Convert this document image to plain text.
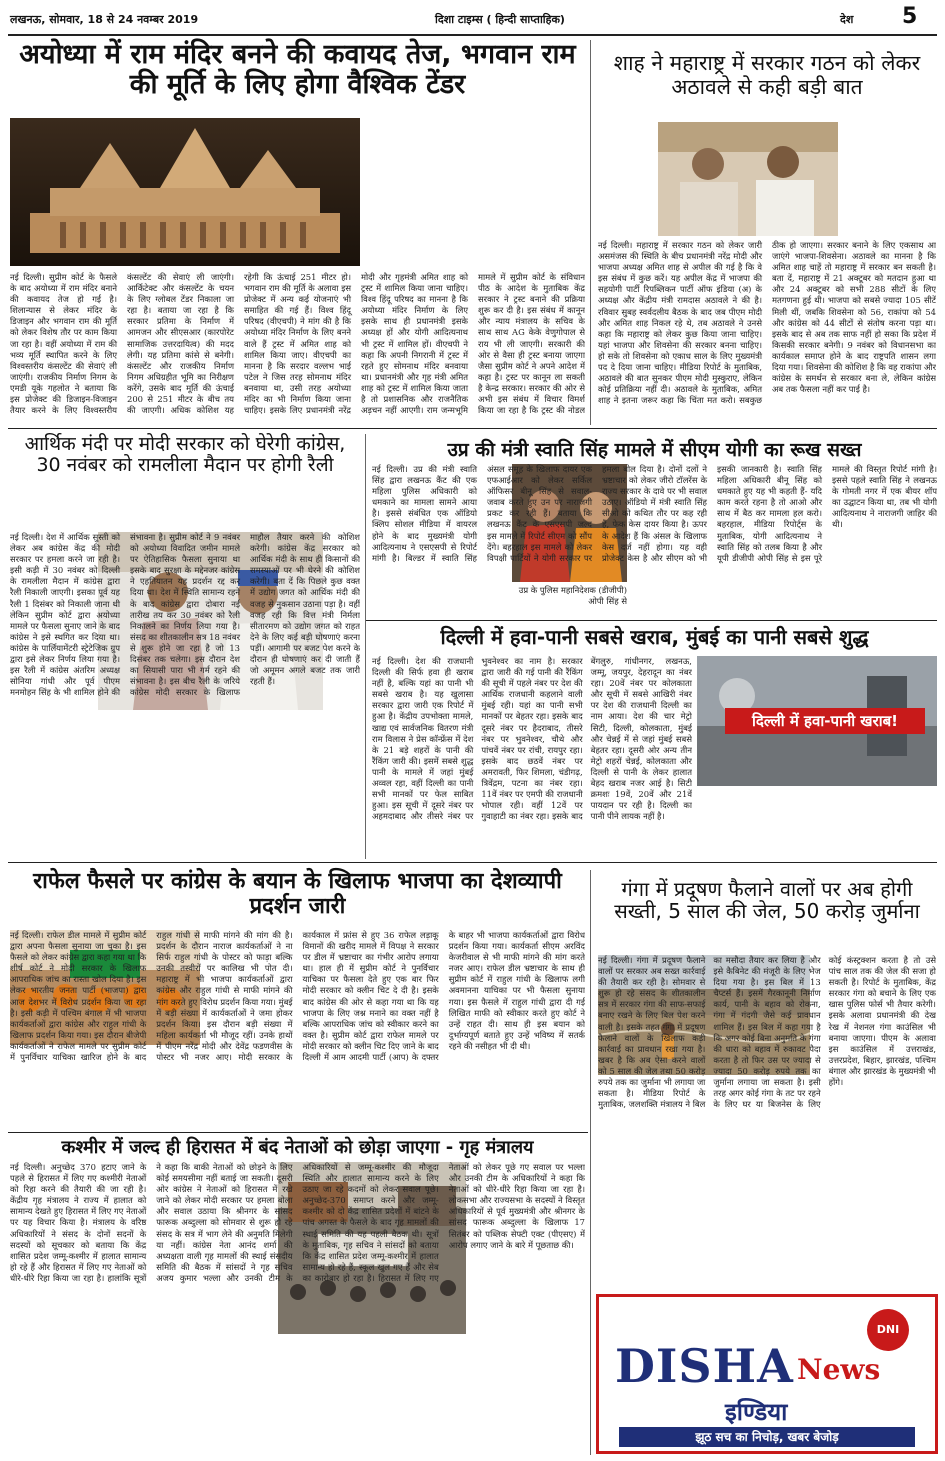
लखनऊ, सोमवार, 18 से 24 नवम्बर 2019	दिशा टाइम्स ( हिन्दी साप्ताहिक)	देश 5
अयोध्या में राम मंदिर बनने की कवायद तेज, भगवान राम की मूर्ति के लिए होगा वैश्विक टेंडर
नई दिल्ली। सुप्रीम कोर्ट के फैसले के बाद अयोध्या में राम मंदिर बनाने की कवायद तेज हो गई है। शिलान्यास से लेकर मंदिर के डिजाइन और भगवान राम की मूर्ति को लेकर विशेष तौर पर काम किया जा रहा है। वहीं अयोध्या में राम की भव्य मूर्ति स्थापित करने के लिए विश्वस्तरीय कंसल्टेंट की सेवाएं ली जाएंगी। राजकीय निर्माण निगम के एमडी यूके गहलोत ने बताया कि इस प्रोजेक्ट की डिजाइन-विजाइन तैयार करने के लिए विश्वस्तरीय कंसल्टेंट की सेवाएं ली जाएंगी। आर्किटेक्ट और कंसल्टेंट के चयन के लिए ग्लोबल टेंडर निकाला जा रहा है। बताया जा रहा है कि सरकार प्रतिमा के निर्माण में आमजन और सीएसआर (कारपोरेट सामाजिक उत्तरदायित्व) की मदद लेगी। यह प्रतिमा कांसे से बनेगी। कंसल्टेंट और राजकीय निर्माण निगम अधिग्रहीत भूमि का निरीक्षण करेंगे, उसके बाद मूर्ति की ऊंचाई 200 से 251 मीटर के बीच तय की जाएगी। अधिक कोशिश यह रहेगी कि ऊंचाई 251 मीटर हो। भगवान राम की मूर्ति के अलावा इस प्रोजेक्ट में अन्य कई योजनाएं भी समाहित की गई हैं। विश्व हिंदू परिषद (वीएचपी) ने मांग की है कि अयोध्या मंदिर निर्माण के लिए बनने वाले हैं ट्रस्ट में अमित शाह को शामिल किया जाए। वीएचपी का मानना है कि सरदार वल्लभ भाई पटेल ने जिस तरह सोमनाथ मंदिर बनवाया था, उसी तरह अयोध्या मंदिर का भी निर्माण किया जाना चाहिए। इसके लिए प्रधानमंत्री नरेंद्र मोदी और गृहमंत्री अमित शाह को ट्रस्ट में शामिल किया जाना चाहिए। विश्व हिंदू परिषद का मानना है कि अयोध्या मंदिर निर्माण के लिए इसके साथ ही प्रधानमंत्री इसके अध्यक्ष हों और योगी आदित्यनाथ भी ट्रस्ट में शामिल हों। वीएचपी ने कहा कि अपनी निगरानी में ट्रस्ट में रहते हुए सोमनाथ मंदिर बनवाया था। प्रधानमंत्री और गृह मंत्री अमित शाह को ट्रस्ट में शामिल किया जाता है तो प्रशासनिक और राजनैतिक अड़चन नहीं आएगी। राम जन्मभूमि मामले में सुप्रीम कोर्ट के संविधान पीठ के आदेश के मुताबिक केंद्र सरकार ने ट्रस्ट बनाने की प्रक्रिया शुरू कर दी है। इस संबंध में कानून और न्याय मंत्रालय के सचिव के साथ साथ AG केके वेणुगोपाल से राय भी ली जाएगी। सरकारी की ओर से वैसा ही ट्रस्ट बनाया जाएगा जैसा सुप्रीम कोर्ट ने अपने आदेश में कहा है। ट्रस्ट पर कानून ला सकती है केन्द्र सरकार। सरकार की ओर से अभी इस संबंध में विचार विमर्श किया जा रहा है कि ट्रस्ट की नोडल
शाह ने महाराष्ट्र में सरकार गठन को लेकर अठावले से कही बड़ी बात
नई दिल्ली। महाराष्ट्र में सरकार गठन को लेकर जारी असमंजस की स्थिति के बीच प्रधानमंत्री नरेंद्र मोदी और भाजपा अध्यक्ष अमित शाह से अपील की गई है कि वे इस संबंध में कुछ करें। यह अपील केंद्र में भाजपा की सहयोगी पार्टी रिपब्लिकन पार्टी ऑफ इंडिया (अ) के अध्यक्ष और केंद्रीय मंत्री रामदास अठावले ने की है। रविवार सुबह स्वर्वदलीय बैठक के बाद जब पीएम मोदी और अमित शाह निकल रहे थे, तब अठावले ने उनसे कहा कि महाराष्ट्र को लेकर कुछ किया जाना चाहिए। यहां भाजपा और शिवसेना की सरकार बनना चाहिए। हो सके तो शिवसेना को एकाध साल के लिए मुख्यमंत्री पद दे दिया जाना चाहिए। मीडिया रिपोर्ट के मुताबिक, अठावले की बात सुनकर पीएम मोदी मुस्कुराए, लेकिन कोई प्रतिक्रिया नहीं दी। अठावले के मुताबिक, अमित शाह ने इतना जरूर कहा कि चिंता मत करो। सबकुछ ठीक हो जाएगा। सरकार बनाने के लिए एकसाथ आ जाएंगे भाजपा-शिवसेना। अठावले का मानना है कि अमित शाह चाहें तो महाराष्ट्र में सरकार बन सकती है। बता दें, महाराष्ट्र में 21 अक्टूबर को मतदान हुआ था और 24 अक्टूबर को सभी 288 सीटों के लिए मतगणना हुई थी। भाजपा को सबसे ज्यादा 105 सीटें मिली थीं, जबकि शिवसेना को 56, राकांपा को 54 और कांग्रेस को 44 सीटों से संतोष करना पड़ा था। इसके बाद से अब तक साफ नहीं हो सका कि प्रदेश में किसकी सरकार बनेगी। 9 नवंबर को विधानसभा का कार्यकाल समाप्त होने के बाद राष्ट्रपति शासन लगा दिया गया। शिवसेना की कोशिश है कि वह राकांपा और कांग्रेस के समर्थन से सरकार बना ले, लेकिन कांग्रेस अब तक फैसला नहीं कर पाई है।
आर्थिक मंदी पर मोदी सरकार को घेरेगी कांग्रेस, 30 नवंबर को रामलीला मैदान पर होगी रैली
नई दिल्ली। देश में आर्थिक सुस्ती को लेकर अब कांग्रेस केंद्र की मोदी सरकार पर हमला करने जा रही है। इसी कड़ी में 30 नवंबर को दिल्ली के रामलीला मैदान में कांग्रेस द्वारा रैली निकाली जाएगी। इसका पूर्व यह रैली 1 दिसंबर को निकाली जाना थी लेकिन सुप्रीम कोर्ट द्वारा अयोध्या मामले पर फैसला सुनाए जाने के बाद कांग्रेस ने इसे स्थगित कर दिया था। कांग्रेस के पार्लियामेंटरी स्ट्रेटेजिक ग्रुप द्वारा इसे लेकर निर्णय लिया गया है। इस रैली में कांग्रेस अंतरिम अध्यक्ष सोनिया गांधी और पूर्व पीएम मनमोहन सिंह के भी शामिल होने की संभावना है। सुप्रीम कोर्ट ने 9 नवंबर को अयोध्या विवादित जमीन मामले पर ऐतिहासिक फैसला सुनाया था इसके बाद सुरक्षा के मद्देनजर कांग्रेस ने एहतियातन यह प्रदर्शन रद्द कर दिया था। देश में स्थिति सामान्य रहने के बाद कांग्रेस द्वारा दोबारा नई तारीख तय कर 30 नवंबर को रैली निकालने का निर्णय लिया गया है। संसद का शीतकालीन सत्र 18 नवंबर से शुरू होने जा रहा है जो 13 दिसंबर तक चलेगा। इस दौरान देश का सियासी पारा भी गर्म रहने की संभावना है। इस बीच रैली के जरिये कांग्रेस मोदी सरकार के खिलाफ माहौल तैयार करने की कोशिश करेगी। कांग्रेस केंद्र सरकार को आर्थिक मंदी के साथ ही किसानों की समस्याओं पर भी घेरने की कोशिश करेगी। बता दें कि पिछले कुछ वक्त में उद्योग जगत को आर्थिक मंदी की वजह से नुकसान उठाना पड़ा है। वहीं वजह रही कि वित्त मंत्री निर्मला सीतारमण को उद्योग जगत को राहत देने के लिए कई बड़ी घोषणाएं करना पड़ीं। आगामी पर बजट पेश करने के दौरान ही घोषणाएं कर दी जाती हैं जो अमूमन अगले बजट तक जारी रहती हैं।
उप्र की मंत्री स्वाति सिंह मामले में सीएम योगी का रूख सख्त
उप्र के पुलिस महानिदेशक (डीजीपी) ओपी सिंह से
नई दिल्ली। उप्र की मंत्री स्वाति सिंह द्वारा लखनऊ कैंट की एक महिला पुलिस अधिकारी को धमकाने का मामला सामने आया है। इससे संबंधित एक ऑडियो क्लिप सोशल मीडिया में वायरल होने के बाद मुख्यमंत्री योगी आदित्यनाथ ने एसएसपी से रिपोर्ट मांगी है। बिल्डर में स्वाति सिंह अंसल समूह के खिलाफ दायर एक एफआईआर को लेकर सर्किल ऑफिसर बीनू सिंह से सवाल-जवाब करते हुए उन पर नाराजगी प्रकट कर रही हैं। बताया कि लखनऊ कैंट के एसएसपी जल्द इस मामले में रिपोर्ट सीएम को सौंप देंगे। बहरहाल इस मामले को लेकर विपक्षी पार्टियों ने योगी सरकार पर हमला बोल दिया है। दोनों दलों ने भ्रष्टाचार को लेकर जीरो टॉलरेंस के राज्य सरकार के दावे पर भी सवाल उठाए। ऑडियो में मंत्री स्वाति सिंह सीओ को कथित तौर पर कह रही हैं, फेक केस दायर किया है। ऊपर के आदेश हैं कि अंसल के खिलाफ केस दर्ज नहीं होगा। यह वही प्रोजेक्ट केस है और सीएम को भी इसकी जानकारी है। स्वाति सिंह महिला अधिकारी बीनू सिंह को धमकाते हुए यह भी कहती हैं- यदि काम करते रहना है तो आओ और साथ में बैठ कर मामला हल करो। बहरहाल, मीडिया रिपोर्ट्स के मुताबिक, योगी आदित्यनाथ ने स्वाति सिंह को तलब किया है और यूपी डीजीपी ओपी सिंह से इस पूरे मामले की विस्तृत रिपोर्ट मांगी है। इससे पहले स्वाति सिंह ने लखनऊ के गोमती नगर में एक बीयर शॉप का उद्घाटन किया था, तब भी योगी आदित्यनाथ ने नाराजगी जाहिर की थी।
दिल्ली में हवा-पानी सबसे खराब, मुंबई का पानी सबसे शुद्ध
दिल्ली में हवा-पानी खराब!
नई दिल्ली। देश की राजधानी दिल्ली की सिर्फ हवा ही खराब नहीं है, बल्कि यहां का पानी भी सबसे खराब है। यह खुलासा सरकार द्वारा जारी एक रिपोर्ट में हुआ है। केंद्रीय उपभोक्ता मामले, खाद्य एवं सार्वजनिक वितरण मंत्री राम विलास ने प्रेस कॉन्फ्रेंस में देश के 21 बड़े शहरों के पानी की रैंकिंग जारी की। इसमें सबसे शुद्ध पानी के मामले में जहां मुंबई अव्वल रहा, वहीं दिल्ली का पानी सभी मानकों पर फेल साबित हुआ। इस सूची में दूसरे नंबर पर अहमदाबाद और तीसरे नंबर पर भुवनेश्वर का नाम है। सरकार द्वारा जारी की गई पानी की रैंकिंग की सूची में पहले नंबर पर देश की आर्थिक राजधानी कहलाने वाली मुंबई रही। यहां का पानी सभी मानकों पर बेहतर रहा। इसके बाद दूसरे नंबर पर हैदराबाद, तीसरे नंबर पर भुवनेश्वर, चौथे और पांचवें नंबर पर रांची, रायपुर रहा। इसके बाद छठवें नंबर पर अमरावती, फिर शिमला, चंडीगढ़, त्रिवेंद्रम, पटना का नंबर रहा। 11वें नंबर पर एमपी की राजधानी भोपाल रही। वहीं 12वें पर गुवाहाटी का नंबर रहा। इसके बाद बेंगलुरु, गांधीनगर, लखनऊ, जम्मू, जयपुर, देहरादून का नंबर रहा। 20वें नंबर पर कोलकाता और सूची में सबसे आखिरी नंबर पर देश की राजधानी दिल्ली का नाम आया। देश की चार मेट्रो सिटी, दिल्ली, कोलकाता, मुंबई और चेन्नई में से जहां मुंबई सबसे बेहतर रहा। दूसरी ओर अन्य तीन मेट्रो शहरों चेन्नई, कोलकाता और दिल्ली से पानी के लेकर हालात बेहद खराब नजर आई है। सिटी क्रमशः 19वें, 20वें और 21वें पायदान पर रही है। दिल्ली का पानी पीने लायक नहीं है।
राफेल फैसले पर कांग्रेस के बयान के खिलाफ भाजपा का देशव्यापी प्रदर्शन जारी
नई दिल्ली। राफेल डील मामले में सुप्रीम कोर्ट द्वारा अपना फैसला सुनाया जा चुका है। इस फैसले को लेकर कांग्रेस द्वारा कहा गया था कि शीर्ष कोर्ट ने मोदी सरकार के खिलाफ आपराधिक जांच का रास्ता खोल दिया है। इस लेकर भारतीय जनता पार्टी (भाजपा) द्वारा आज देशभर में विरोध प्रदर्शन किया जा रहा है। इसी कड़ी में पश्चिम बंगाल में भी भाजपा कार्यकर्ताओं द्वारा कांग्रेस और राहुल गांधी के खिलाफ प्रदर्शन किया गया। इस दौरान बीजेपी कार्यकर्ताओं ने राफेल मामले पर सुप्रीम कोर्ट में पुनर्विचार याचिका खारिज होने के बाद राहुल गांधी से माफी मांगने की मांग की है। प्रदर्शन के दौरान नाराज कार्यकर्ताओं ने ना सिर्फ राहुल गांधी के पोस्टर को फाड़ा बल्कि उनकी तस्वीरों पर कालिख भी पोत दी। महाराष्ट्र में भी भाजपा कार्यकर्ताओं द्वारा कांग्रेस और राहुल गांधी से माफी मांगने की मांग करते हुए विरोध प्रदर्शन किया गया। मुंबई में बड़ी संख्या में कार्यकर्ताओं ने जमा होकर प्रदर्शन किया। इस दौरान बड़ी संख्या में महिला कार्यकर्ता भी मौजूद रहीं। उनके हाथों में पीएम नरेंद्र मोदी और देवेंद्र फडणवीस के पोस्टर भी नजर आए। मोदी सरकार के कार्यकाल में फ्रांस से हुए 36 राफेल लड़ाकू विमानों की खरीद मामले में विपक्ष ने सरकार पर डील में भ्रष्टाचार का गंभीर आरोप लगाया था। हाल ही में सुप्रीम कोर्ट ने पुनर्विचार याचिका पर फैसला देते हुए एक बार फिर मोदी सरकार को क्लीन चिट दे दी है। इसके बाद कांग्रेस की ओर से कहा गया था कि यह भाजपा के लिए जश्न मनाने का वक्त नहीं है बल्कि आपराधिक जांच को स्वीकार करने का वक्त है। सुप्रीम कोर्ट द्वारा राफेल मामले पर मोदी सरकार को क्लीन चिट दिए जाने के बाद दिल्ली में आम आदमी पार्टी (आप) के दफ्तर के बाहर भी भाजपा कार्यकर्ताओं द्वारा विरोध प्रदर्शन किया गया। कार्यकर्ता सीएम अरविंद केजरीवाल से भी माफी मांगने की मांग करते नजर आए। राफेल डील भ्रष्टाचार के साथ ही सुप्रीम कोर्ट में राहुल गांधी के खिलाफ लगी अवमानना याचिका पर भी फैसला सुनाया गया। इस फैसले में राहुल गांधी द्वारा दी गई लिखित माफी को स्वीकार करते हुए कोर्ट ने उन्हें राहत दी। साथ ही इस बयान को दुर्भाग्यपूर्ण बताते हुए उन्हें भविष्य में सतर्क रहने की नसीहत भी दी थी।
गंगा में प्रदूषण फैलाने वालों पर अब होगी सख्ती, 5 साल की जेल, 50 करोड़ जुर्माना
नई दिल्ली। गंगा में प्रदूषण फैलाने वालों पर सरकार अब सख्त कार्रवाई की तैयारी कर रही है। सोमवार से शुरू हो रहे संसद के शीतकालीन सत्र में सरकार गंगा की साफ-सफाई बनाए रखने के लिए बिल पेश करने वाली है। इसके तहत गंगा में प्रदूषण फैलाने वालों के खिलाफ कड़ी कार्रवाई का प्रावधान रखा गया है। खबर है कि अब ऐसा करने वालों को 5 साल की जेल तथा 50 करोड़ रुपये तक का जुर्माना भी लगाया जा सकता है। मीडिया रिपोर्ट के मुताबिक, जलशक्ति मंत्रालय ने बिल का मसौदा तैयार कर लिया है और इसे कैबिनेट की मंजूरी के लिए भेज दिया गया है। इस बिल में 13 चैप्टर्स हैं। इसमें गैरकानूनी निर्माण कार्य, पानी के बहाव को रोकना, गंगा में गंदगी जैसे कई प्रावधान शामिल हैं। इस बिल में कहा गया है कि अगर कोई बिना अनुमति के गंगा की धारा को बहाव में रुकावट पैदा करता है तो फिर उस पर ज्यादा से ज्यादा 50 करोड़ रुपये तक का जुर्माना लगाया जा सकता है। इसी तरह अगर कोई गंगा के तट पर रहने के लिए घर या बिजनेस के लिए कोई कंस्ट्रक्शन करता है तो उसे पांच साल तक की जेल की सजा हो सकती है। रिपोर्ट के मुताबिक, केंद्र सरकार गंगा को बचाने के लिए एक खास पुलिस फोर्स भी तैयार करेगी। इसके अलावा प्रधानमंत्री की देख रेख में नेशनल गंगा काउंसिल भी बनाया जाएगा। पीएम के अलावा इस काउंसिल में उत्तराखंड, उत्तरप्रदेश, बिहार, झारखंड, पश्चिम बंगाल और झारखंड के मुख्यमंत्री भी होंगे।
कश्मीर में जल्द ही हिरासत में बंद नेताओं को छोड़ा जाएगा - गृह मंत्रालय
नई दिल्ली। अनुच्छेद 370 हटाए जाने के पहले से हिरासत में लिए गए कश्मीरी नेताओं को रिहा करने की तैयारी की जा रही है। केंद्रीय गृह मंत्रालय ने राज्य में हालात को सामान्य देखते हुए हिरासत में लिए गए नेताओं पर यह विचार किया है। मंत्रालय के वरिष्ठ अधिकारियों ने संसद के दोनों सदनों के सदस्यों को सूचकार को बताया कि केंद्र शासित प्रदेश जम्मू-कश्मीर में हालात सामान्य हो रहे हैं और हिरासत में लिए गए नेताओं को धीरे-धीरे रिहा किया जा रहा है। हालांकि सूत्रों ने कहा कि बाकी नेताओं को छोड़ने के लिए कोई समयसीमा नहीं बताई जा सकती। दूसरी ओर कांग्रेस ने नेताओं को हिरासत में रखे जाने को लेकर मोदी सरकार पर हमला बोला और सवाल उठाया कि श्रीनगर के सांसद फारूक अब्दुल्ला को सोमवार से शुरू हो रहे संसद के सत्र में भाग लेने की अनुमति मिलेगी या नहीं। कांग्रेस नेता आनंद शर्मा की अध्यक्षता वाली गृह मामलों की स्थाई संसदीय समिति की बैठक में सांसदों ने गृह सचिव अजय कुमार भल्ला और उनकी टीम के अधिकारियों से जम्मू-कश्मीर की मौजूदा स्थिति और हालात सामान्य करने के लिए उठाए जा रहे कदमों को लेकर सवाल पूछे। अनुच्छेद-370 समाप्त करने और जम्मू-कश्मीर को दो केंद्र शासित प्रदेशों में बांटने के पांच अगस्त के फैसले के बाद गृह मामलों की स्थाई समिति की यह पहली बैठक थी। सूत्रों के मुताबिक, गृह सचिव ने सांसदों को बताया कि केंद्र शासित प्रदेश जम्मू-कश्मीर में हालात सामान्य हो रहे हैं, स्कूल खुल गए हैं और सेब का कारोबार हो रहा है। हिरासत में लिए गए नेताओं को लेकर पूछे गए सवाल पर भल्ला और उनकी टीम के अधिकारियों ने कहा कि नेताओं को धीरे-धीरे रिहा किया जा रहा है। लोकसभा और राज्यसभा के सदस्यों ने विस्तृत अधिकारियों से पूर्व मुख्यमंत्री और श्रीनगर के सांसद फारूक अब्दुल्ला के खिलाफ 17 सितंबर को पब्लिक सेफ्टी एक्ट (पीएसए) में आरोप लगाए जाने के बारे में पूछताछ की।
DNI
DISHA News
इण्डिया
झूठ सच का निचोड़, खबर बेजोड़
